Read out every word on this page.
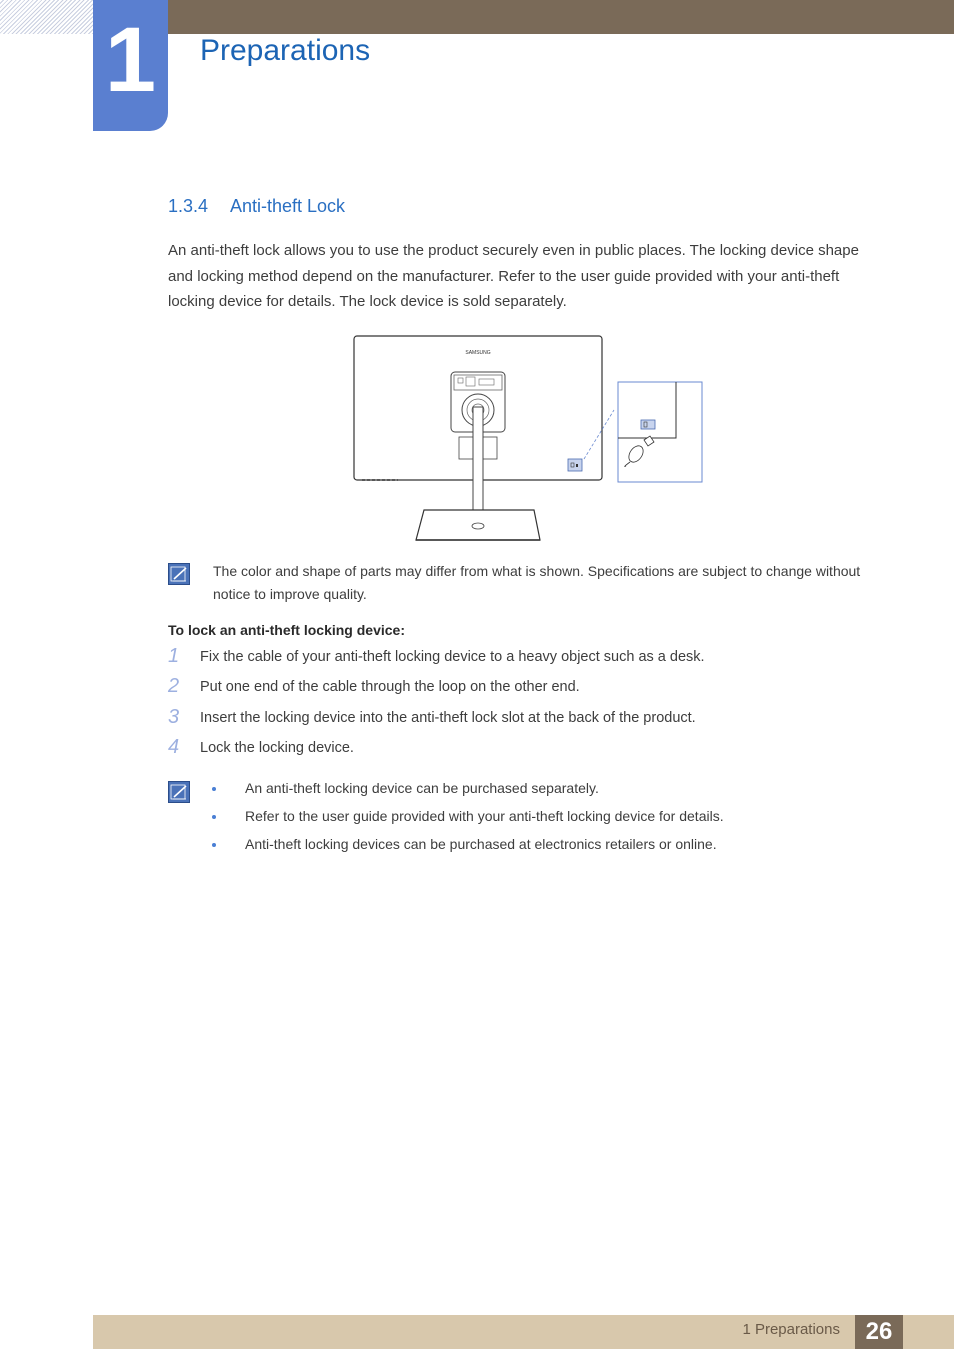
1 Preparations
1.3.4 Anti-theft Lock

An anti-theft lock allows you to use the product securely even in public places. The locking device shape and locking method depend on the manufacturer. Refer to the user guide provided with your anti-theft locking device for details. The lock device is sold separately.

SAMSUNG
The color and shape of parts may differ from what is shown. Specifications are subject to change without notice to improve quality.
To lock an anti-theft locking device:
1	Fix the cable of your anti-theft locking device to a heavy object such as a desk.
2	Put one end of the cable through the loop on the other end.
3	Insert the locking device into the anti-theft lock slot at the back of the product.
4	Lock the locking device.
An anti-theft locking device can be purchased separately.
Refer to the user guide provided with your anti-theft locking device for details.
Anti-theft locking devices can be purchased at electronics retailers or online.
1 Preparations	26
